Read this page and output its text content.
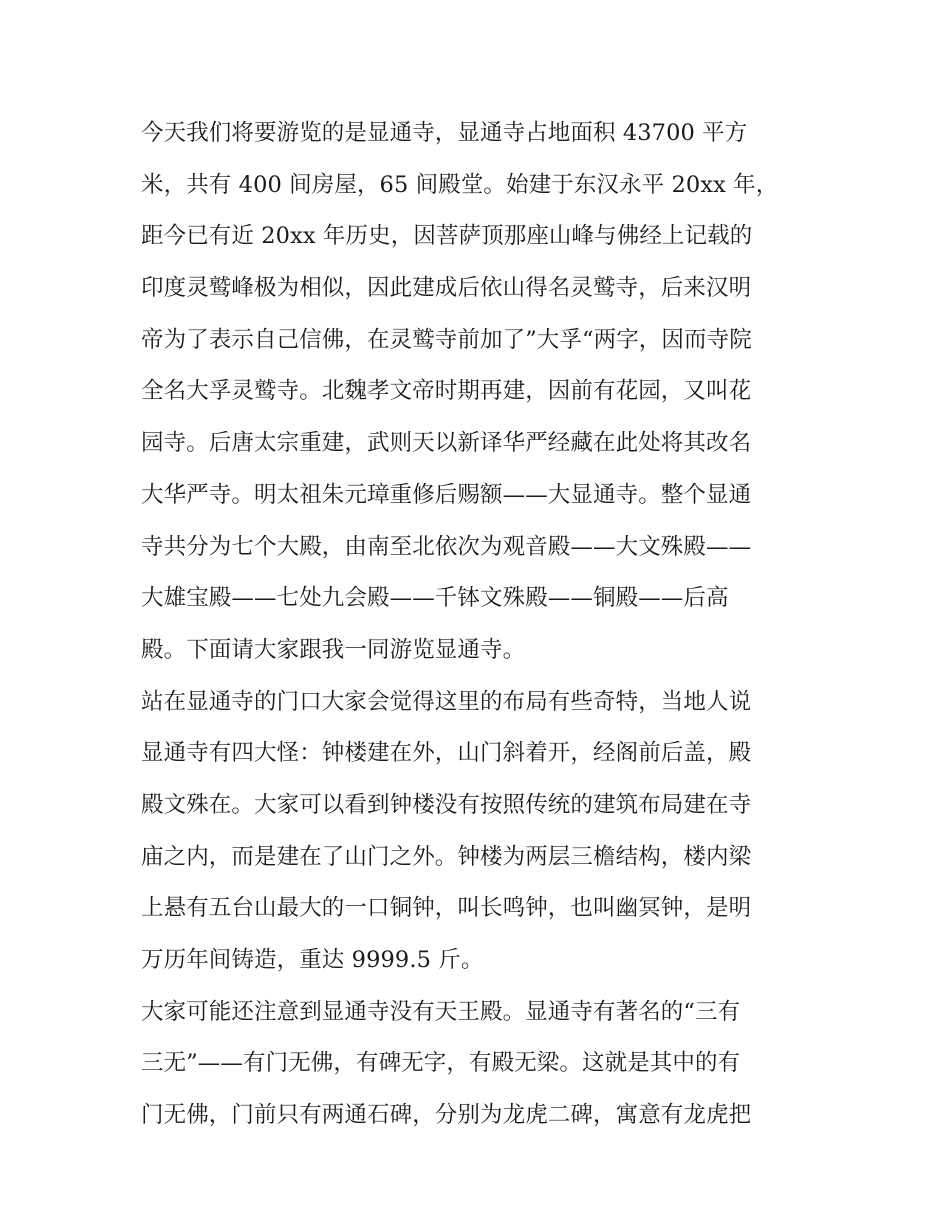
今天我们将要游览的是显通寺，显通寺占地面积 43700 平方
米，共有 400 间房屋，65 间殿堂。始建于东汉永平 20xx 年，
距今已有近 20xx 年历史，因菩萨顶那座山峰与佛经上记载的
印度灵鹫峰极为相似，因此建成后依山得名灵鹫寺，后来汉明
帝为了表示自己信佛，在灵鹫寺前加了”大孚“两字，因而寺院
全名大孚灵鹫寺。北魏孝文帝时期再建，因前有花园，又叫花
园寺。后唐太宗重建，武则天以新译华严经藏在此处将其改名
大华严寺。明太祖朱元璋重修后赐额——大显通寺。整个显通
寺共分为七个大殿，由南至北依次为观音殿——大文殊殿——
大雄宝殿——七处九会殿——千钵文殊殿——铜殿——后高
殿。下面请大家跟我一同游览显通寺。
站在显通寺的门口大家会觉得这里的布局有些奇特，当地人说
显通寺有四大怪：钟楼建在外，山门斜着开，经阁前后盖，殿
殿文殊在。大家可以看到钟楼没有按照传统的建筑布局建在寺
庙之内，而是建在了山门之外。钟楼为两层三檐结构，楼内梁
上悬有五台山最大的一口铜钟，叫长鸣钟，也叫幽冥钟，是明
万历年间铸造，重达 9999.5 斤。
大家可能还注意到显通寺没有天王殿。显通寺有著名的“三有
三无”——有门无佛，有碑无字，有殿无梁。这就是其中的有
门无佛，门前只有两通石碑，分别为龙虎二碑，寓意有龙虎把
